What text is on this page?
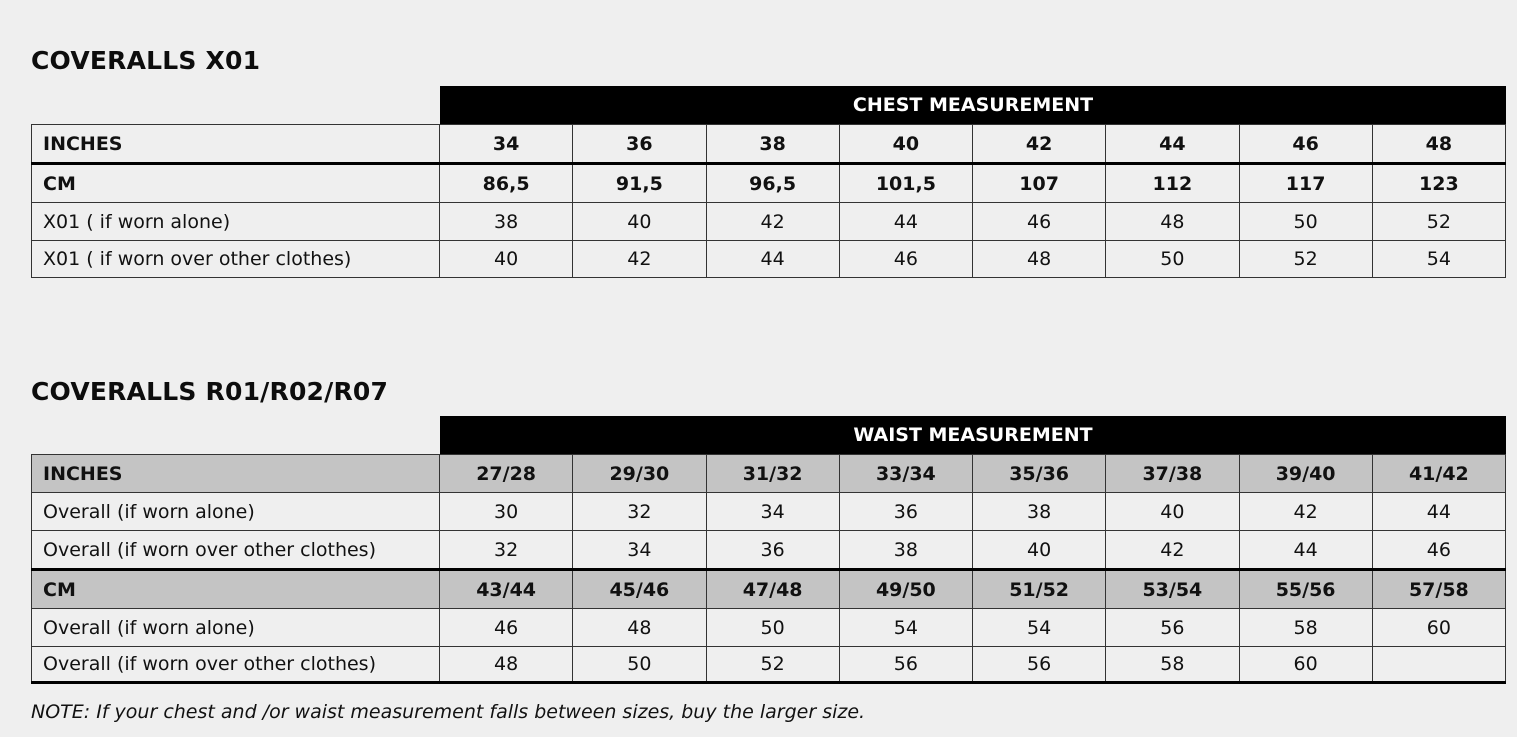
COVERALLS X01
CHEST MEASUREMENT
INCHES	34	36	38	40	42	44	46	48
CM	86,5	91,5	96,5	101,5	107	112	117	123
X01 ( if worn alone)	38	40	42	44	46	48	50	52
X01 ( if worn over other clothes)	40	42	44	46	48	50	52	54
COVERALLS R01/R02/R07
WAIST MEASUREMENT
INCHES	27/28	29/30	31/32	33/34	35/36	37/38	39/40	41/42
Overall (if worn alone)	30	32	34	36	38	40	42	44
Overall (if worn over other clothes)	32	34	36	38	40	42	44	46
CM	43/44	45/46	47/48	49/50	51/52	53/54	55/56	57/58
Overall (if worn alone)	46	48	50	54	54	56	58	60
Overall (if worn over other clothes)	48	50	52	56	56	58	60
NOTE: If your chest and /or waist measurement falls between sizes, buy the larger size.
